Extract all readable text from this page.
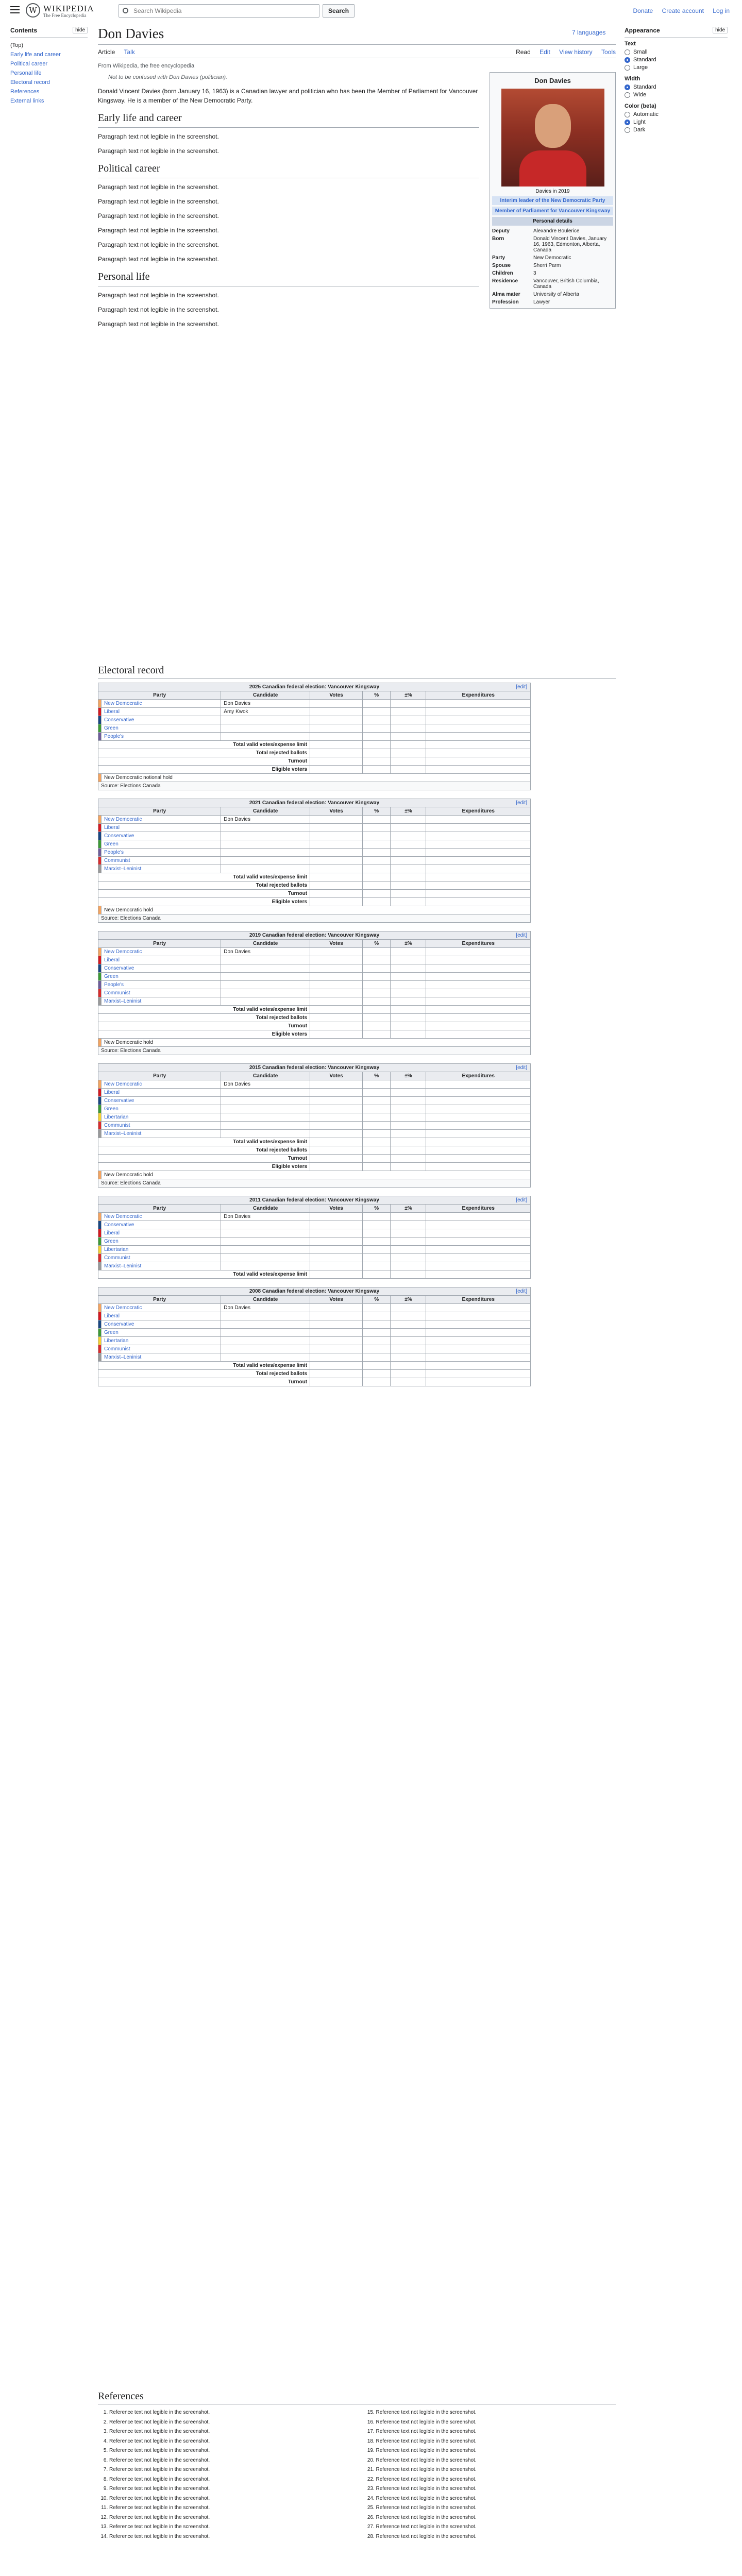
W WIKIPEDIA
The Free Encyclopedia
Search Wikipedia
Search	Donate Create account Log in
Contents	hide
(Top)
Early life and career
Political career
Personal life
Electoral record
References
External links
Appearance	hide
Text
Small
Standard
Large
Width
Standard
Wide
Color (beta)
Automatic
Light
Dark
Don Davies	7 languages
Article Talk	Read Edit View history Tools
From Wikipedia, the free encyclopedia
Not to be confused with Don Davies (politician).

Donald Vincent Davies (born January 16, 1963) is a Canadian lawyer and politician who has been the Member of Parliament for Vancouver Kingsway. He is a member of the New Democratic Party.

Early life and career

Paragraph text not legible in the screenshot.

Paragraph text not legible in the screenshot.

Political career

Paragraph text not legible in the screenshot.

Paragraph text not legible in the screenshot.

Paragraph text not legible in the screenshot.

Paragraph text not legible in the screenshot.

Paragraph text not legible in the screenshot.

Paragraph text not legible in the screenshot.

Personal life

Paragraph text not legible in the screenshot.

Paragraph text not legible in the screenshot.

Paragraph text not legible in the screenshot.

Don Davies
Davies in 2019
Interim leader of the New Democratic Party
Member of Parliament for Vancouver Kingsway
Personal details
Deputy	Alexandre Boulerice
Born	Donald Vincent Davies, January 16, 1963, Edmonton, Alberta, Canada
Party	New Democratic
Spouse	Sherri Parm
Children	3
Residence	Vancouver, British Columbia, Canada
Alma mater	University of Alberta
Profession	Lawyer
Electoral record
2025 Canadian federal election: Vancouver Kingsway [edit]						

Party		Candidate	Votes	%	±%	Expenditures
	New Democratic	Don Davies				
	Liberal	Amy Kwok				
	Conservative					
	Green					
	People's					
Total valid votes/expense limit						
Total rejected ballots						
Turnout						
Eligible voters						
	New Democratic notional hold					
Source: Elections Canada						
2021 Canadian federal election: Vancouver Kingsway [edit]						

Party		Candidate	Votes	%	±%	Expenditures
	New Democratic	Don Davies				
	Liberal					
	Conservative					
	Green					
	People's					
	Communist					
	Marxist–Leninist					
Total valid votes/expense limit						
Total rejected ballots						
Turnout						
Eligible voters						
	New Democratic hold					
Source: Elections Canada						
2019 Canadian federal election: Vancouver Kingsway [edit]						

Party		Candidate	Votes	%	±%	Expenditures
	New Democratic	Don Davies				
	Liberal					
	Conservative					
	Green					
	People's					
	Communist					
	Marxist–Leninist					
Total valid votes/expense limit						
Total rejected ballots						
Turnout						
Eligible voters						
	New Democratic hold					
Source: Elections Canada						
2015 Canadian federal election: Vancouver Kingsway [edit]						

Party		Candidate	Votes	%	±%	Expenditures
	New Democratic	Don Davies				
	Liberal					
	Conservative					
	Green					
	Libertarian					
	Communist					
	Marxist–Leninist					
Total valid votes/expense limit						
Total rejected ballots						
Turnout						
Eligible voters						
	New Democratic hold					
Source: Elections Canada						
2011 Canadian federal election: Vancouver Kingsway [edit]						

Party		Candidate	Votes	%	±%	Expenditures
	New Democratic	Don Davies				
	Conservative					
	Liberal					
	Green					
	Libertarian					
	Communist					
	Marxist–Leninist					
Total valid votes/expense limit						
2008 Canadian federal election: Vancouver Kingsway [edit]						

Party		Candidate	Votes	%	±%	Expenditures
	New Democratic	Don Davies				
	Liberal					
	Conservative					
	Green					
	Libertarian					
	Communist					
	Marxist–Leninist					
Total valid votes/expense limit						
Total rejected ballots						
Turnout						
References
1. Reference text not legible in the screenshot.
2. Reference text not legible in the screenshot.
3. Reference text not legible in the screenshot.
4. Reference text not legible in the screenshot.
5. Reference text not legible in the screenshot.
6. Reference text not legible in the screenshot.
7. Reference text not legible in the screenshot.
8. Reference text not legible in the screenshot.
9. Reference text not legible in the screenshot.
10. Reference text not legible in the screenshot.
11. Reference text not legible in the screenshot.
12. Reference text not legible in the screenshot.
13. Reference text not legible in the screenshot.
14. Reference text not legible in the screenshot.
15. Reference text not legible in the screenshot.
16. Reference text not legible in the screenshot.
17. Reference text not legible in the screenshot.
18. Reference text not legible in the screenshot.
19. Reference text not legible in the screenshot.
20. Reference text not legible in the screenshot.
21. Reference text not legible in the screenshot.
22. Reference text not legible in the screenshot.
23. Reference text not legible in the screenshot.
24. Reference text not legible in the screenshot.
25. Reference text not legible in the screenshot.
26. Reference text not legible in the screenshot.
27. Reference text not legible in the screenshot.
28. Reference text not legible in the screenshot.
